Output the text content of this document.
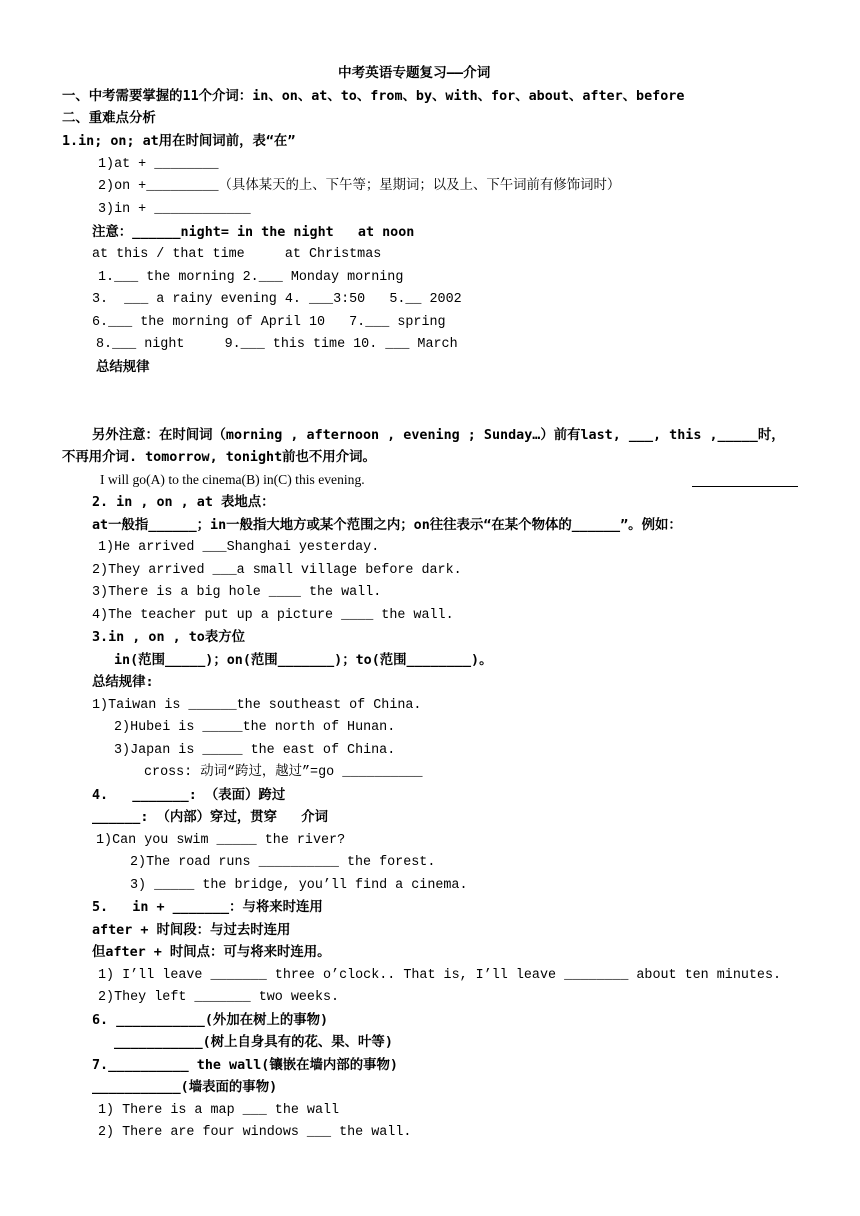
中考英语专题复习——介词
一、中考需要掌握的11个介词：in、on、at、to、from、by、with、for、about、after、before
二、重难点分析
1.in; on; at用在时间词前，表“在”
1)at + ________
2)on +_________（具体某天的上、下午等；星期词；以及上、下午词前有修饰词时）
3)in + ____________
注意：______night= in the night   at noon
at this / that time     at Christmas
1.___ the morning 2.___ Monday morning
3.  ___ a rainy evening 4. ___3:50   5.__ 2002
6.___ the morning of April 10   7.___ spring
8.___ night     9.___ this time 10. ___ March
总结规律
另外注意：在时间词（morning , afternoon , evening ; Sunday…）前有last, ___, this ,_____时，
不再用介词. tomorrow, tonight前也不用介词。
I will go(A) to the cinema(B) in(C) this evening.
2. in , on , at 表地点：
at一般指______；in一般指大地方或某个范围之内；on往往表示“在某个物体的______”。例如：
1)He arrived ___Shanghai yesterday.
2)They arrived ___a small village before dark.
3)There is a big hole ____ the wall.
4)The teacher put up a picture ____ the wall.
3.in , on , to表方位
in(范围_____)；on(范围_______)；to(范围________)。
总结规律:
1)Taiwan is ______the southeast of China.
2)Hubei is _____the north of Hunan.
3)Japan is _____ the east of China.
cross: 动词“跨过，越过”=go __________
4.   _______: （表面）跨过
______: （内部）穿过，贯穿   介词
1)Can you swim _____ the river?
2)The road runs __________ the forest.
3) _____ the bridge, you’ll find a cinema.
5.   in + _______：与将来时连用
after + 时间段：与过去时连用
但after + 时间点：可与将来时连用。
1) I’ll leave _______ three o’clock.. That is, I’ll leave ________ about ten minutes.
2)They left _______ two weeks.
6. ___________(外加在树上的事物)
___________(树上自身具有的花、果、叶等)
7.__________ the wall(镶嵌在墙内部的事物)
___________(墙表面的事物)
1) There is a map ___ the wall
2) There are four windows ___ the wall.
